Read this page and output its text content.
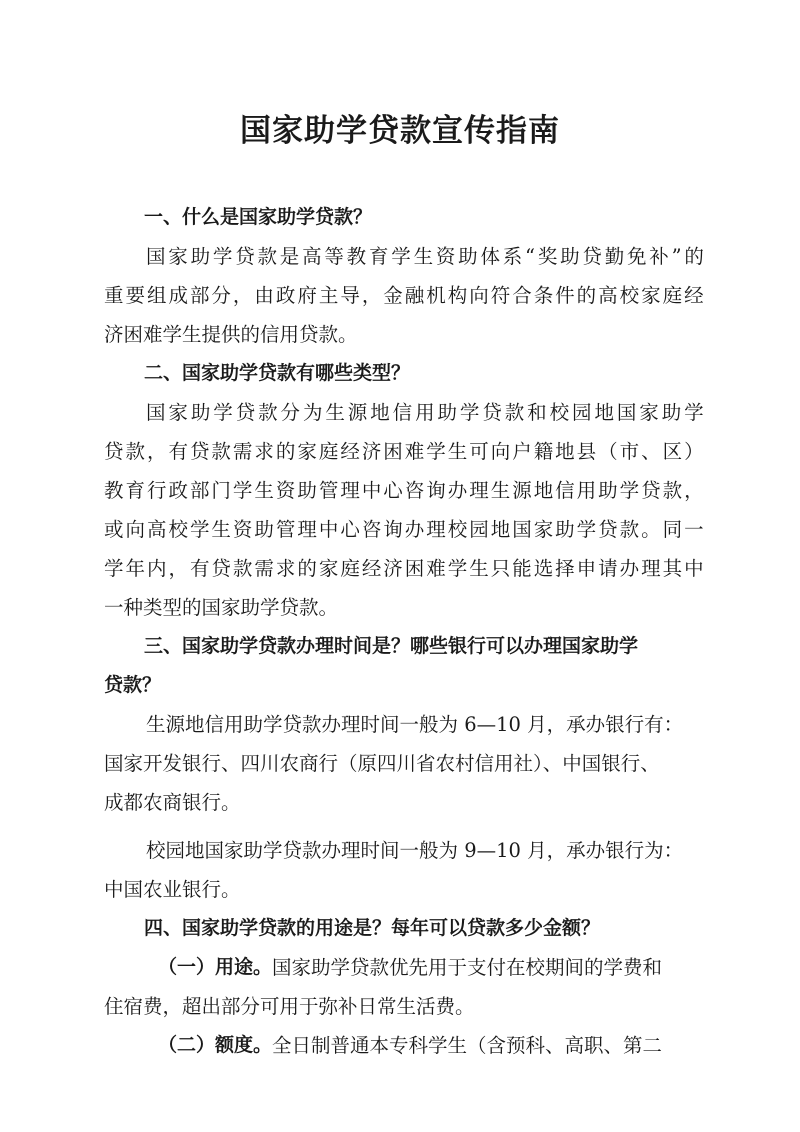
国家助学贷款宣传指南
一、什么是国家助学贷款？
国 家 助 学 贷 款 是 高 等 教 育 学 生 资 助 体 系 “ 奖 助 贷 勤 免 补 ” 的
重 要 组 成 部 分 ， 由 政 府 主 导 ， 金 融 机 构 向 符 合 条 件 的 高 校 家 庭 经
济困难学生提供的信用贷款。
二、国家助学贷款有哪些类型？
国 家 助 学 贷 款 分 为 生 源 地 信 用 助 学 贷 款 和 校 园 地 国 家 助 学
贷 款 ， 有 贷 款 需 求 的 家 庭 经 济 困 难 学 生 可 向 户 籍 地 县 （ 市 、 区 ）
教 育 行 政 部 门 学 生 资 助 管 理 中 心 咨 询 办 理 生 源 地 信 用 助 学 贷 款 ，
或 向 高 校 学 生 资 助 管 理 中 心 咨 询 办 理 校 园 地 国 家 助 学 贷 款 。 同 一
学 年 内 ， 有 贷 款 需 求 的 家 庭 经 济 困 难 学 生 只 能 选 择 申 请 办 理 其 中
一种类型的国家助学贷款。
三、国家助学贷款办理时间是？哪些银行可以办理国家助学
贷款？
生源地信用助学贷款办理时间一般为 6—10 月，承办银行有：
国家开发银行、四川农商行（原四川省农村信用社）、中国银行、
成都农商银行。
校园地国家助学贷款办理时间一般为 9—10 月，承办银行为：
中国农业银行。
四、国家助学贷款的用途是？每年可以贷款多少金额？
（一）用途。 国家助学贷款优先用于支付在校期间的学费和
住宿费，超出部分可用于弥补日常生活费。
（二）额度。 全日制普通本专科学生（含预科、高职、第二
